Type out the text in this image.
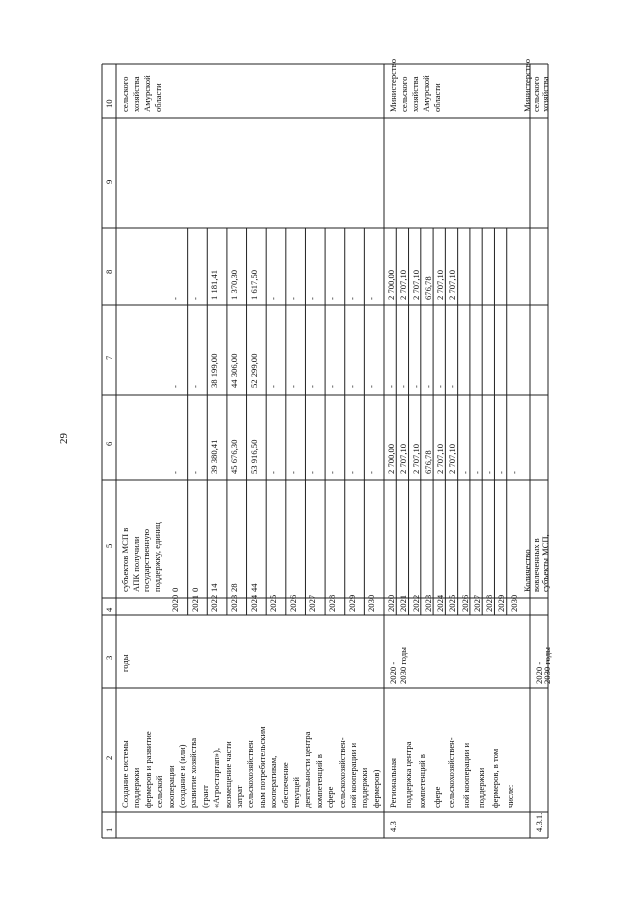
29
1
2
3
4
5
6
7
8
9
10
Создание системы поддержки фермеров и развитие сельской кооперации (создание и (или) развитие хозяйства (грант «Агростартап»), возмещение части затрат сельскохозяйствен ным потребительским кооперативам, обеспечение текущей деятельности центра компетенций в сфере сельскохозяйствен- ной кооперации и поддержки фермеров)
годы
2020 2021 2022 2023 2024 2025 2026 2027 2028 2029 2030
субъектов МСП в АПК получили государственную поддержку, единиц 0 0 14 28 44
- - 39 380,41 45 676,30 53 916,50 - - - - - -
- - 38 199,00 44 306,00 52 299,00 - - - - - -
- - 1 181,41 1 370,30 1 617,50 - - - - - -
сельского хозяйства Амурской области
4.3
Региональная поддержка центра компетенций в сфере сельскохозяйствен- ной кооперации и поддержки фермеров, в том числе:
2020 - 2030 годы
2020 2021 2022 2023 2024 2025 2026 2027 2028 2029 2030
2 700,00 2 707,10 2 707,10 676,78 2 707,10 2 707,10 - - - - -
- - - - - -
2 700,00 2 707,10 2 707,10 676,78 2 707,10 2 707,10
Министерство сельского хозяйства Амурской области
4.3.1.
2020 -
2030 годы
Количество вовлеченных в субъекты МСП,
Министерство сельского хозяйства
